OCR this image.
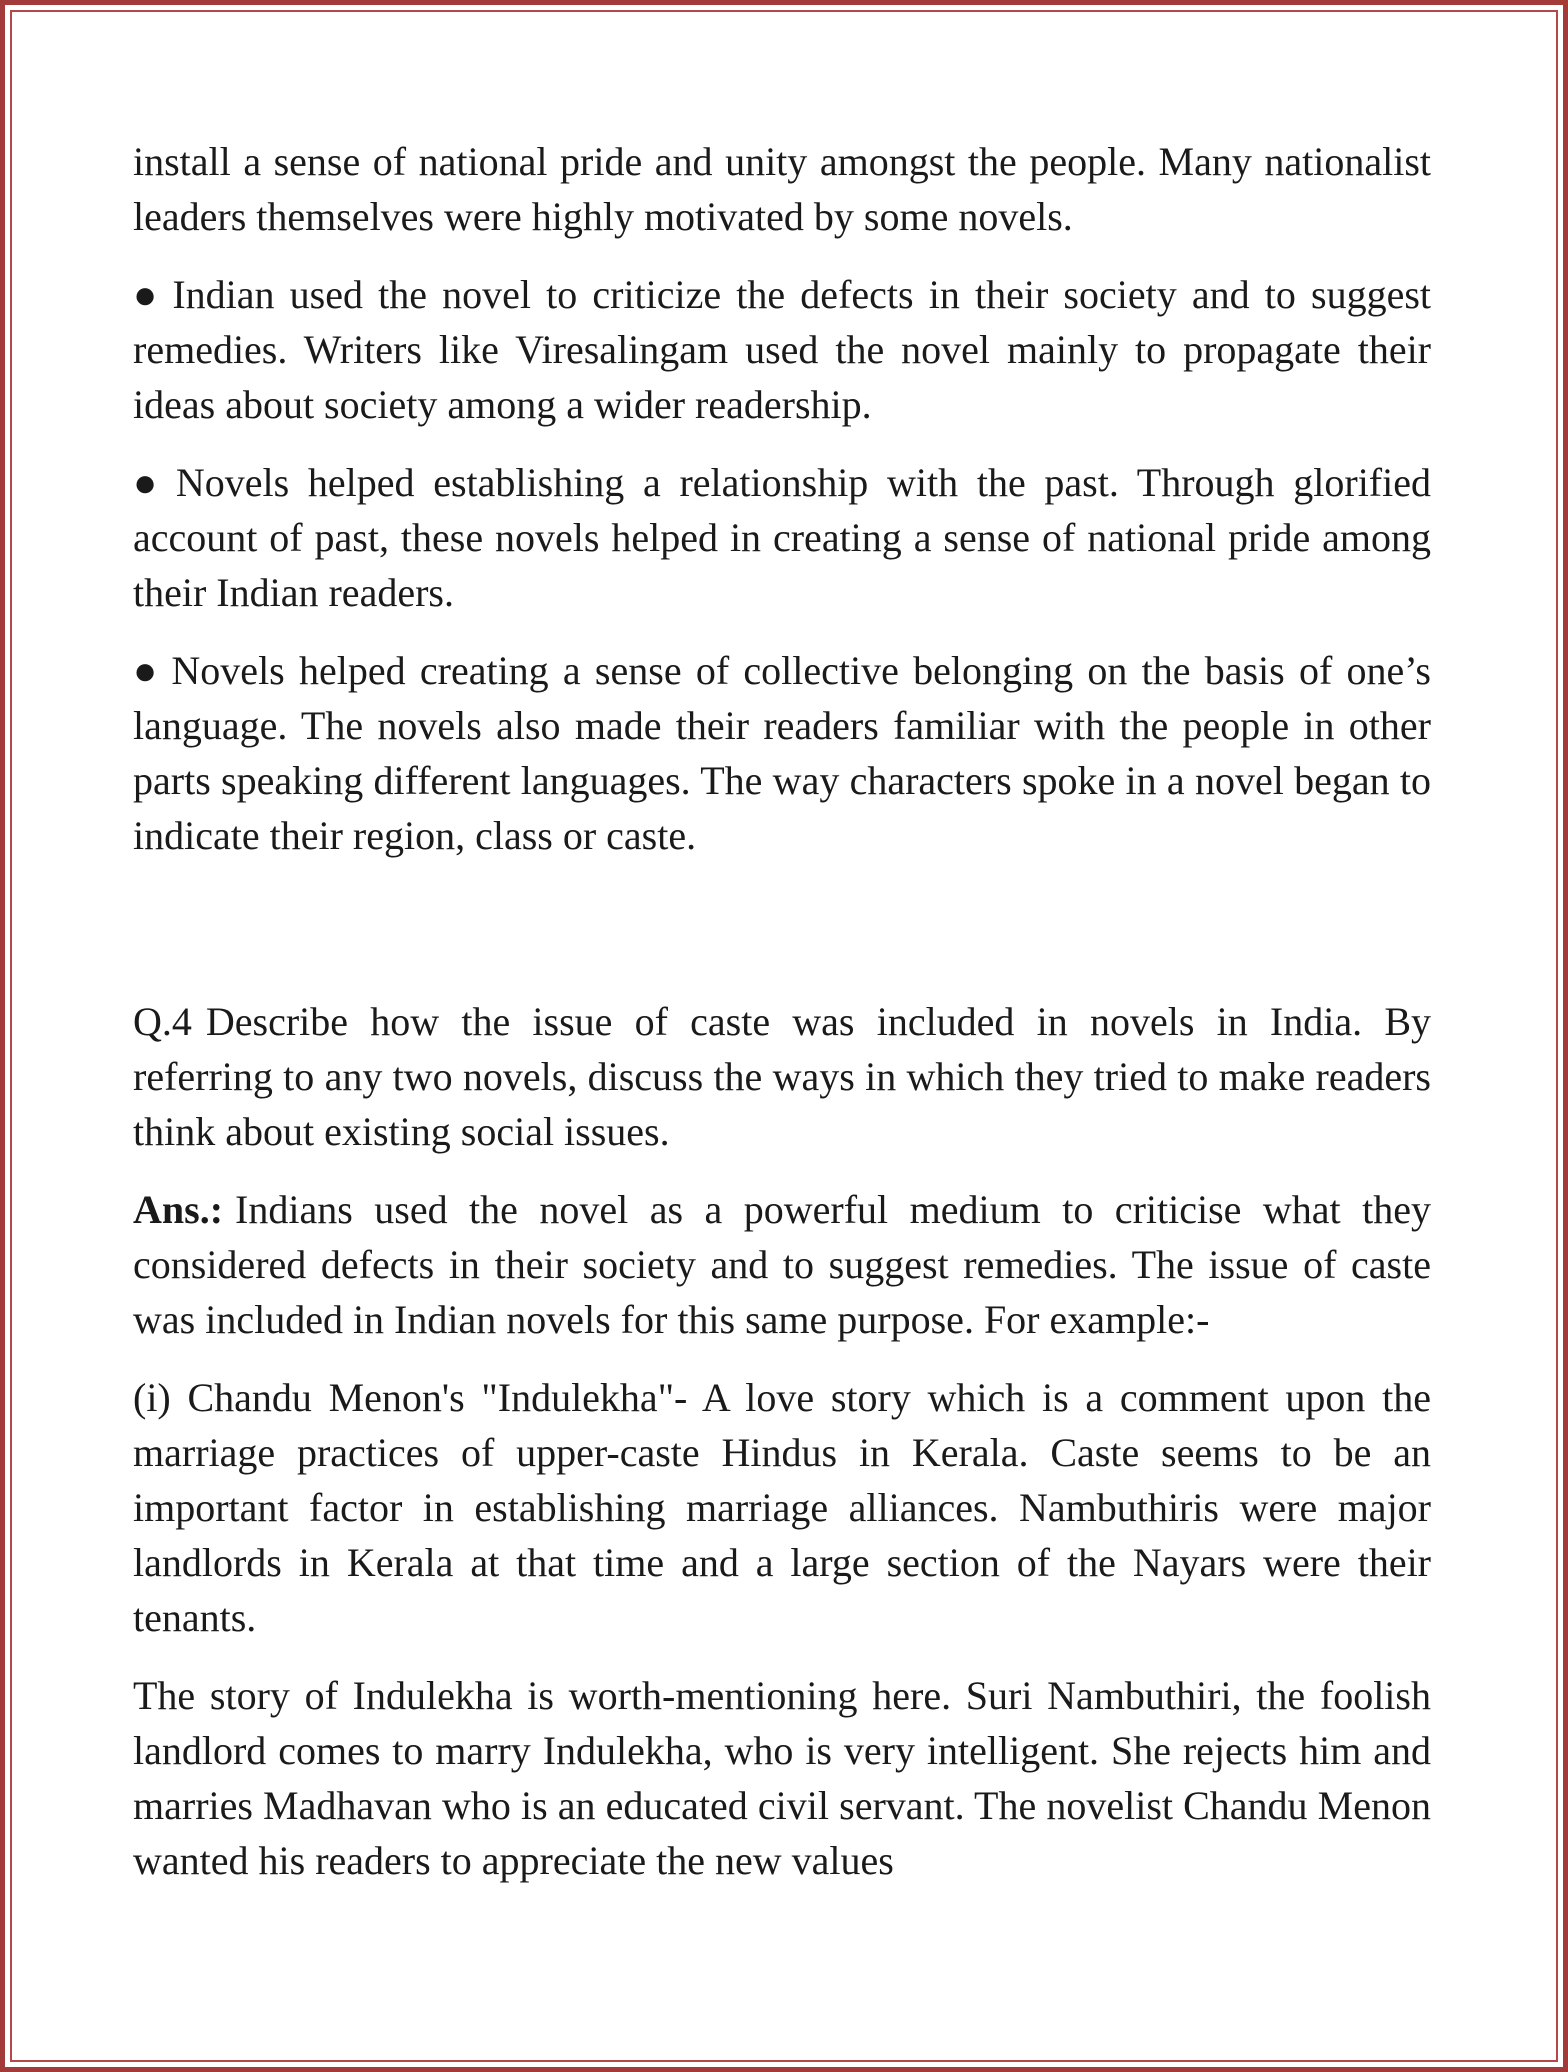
install a sense of national pride and unity amongst the people. Many nationalist leaders themselves were highly motivated by some novels.

● Indian used the novel to criticize the defects in their society and to suggest remedies. Writers like Viresalingam used the novel mainly to propagate their ideas about society among a wider readership.

● Novels helped establishing a relationship with the past. Through glorified account of past, these novels helped in creating a sense of national pride among their Indian readers.

● Novels helped creating a sense of collective belonging on the basis of one’s language. The novels also made their readers familiar with the people in other parts speaking different languages. The way characters spoke in a novel began to indicate their region, class or caste.

Q.4 Describe how the issue of caste was included in novels in India. By referring to any two novels, discuss the ways in which they tried to make readers think about existing social issues.

Ans.: Indians used the novel as a powerful medium to criticise what they considered defects in their society and to suggest remedies. The issue of caste was included in Indian novels for this same purpose. For example:-

(i) Chandu Menon's "Indulekha"- A love story which is a comment upon the marriage practices of upper-caste Hindus in Kerala. Caste seems to be an important factor in establishing marriage alliances. Nambuthiris were major landlords in Kerala at that time and a large section of the Nayars were their tenants.

The story of Indulekha is worth-mentioning here. Suri Nambuthiri, the foolish landlord comes to marry Indulekha, who is very intelligent. She rejects him and marries Madhavan who is an educated civil servant. The novelist Chandu Menon wanted his readers to appreciate the new values
